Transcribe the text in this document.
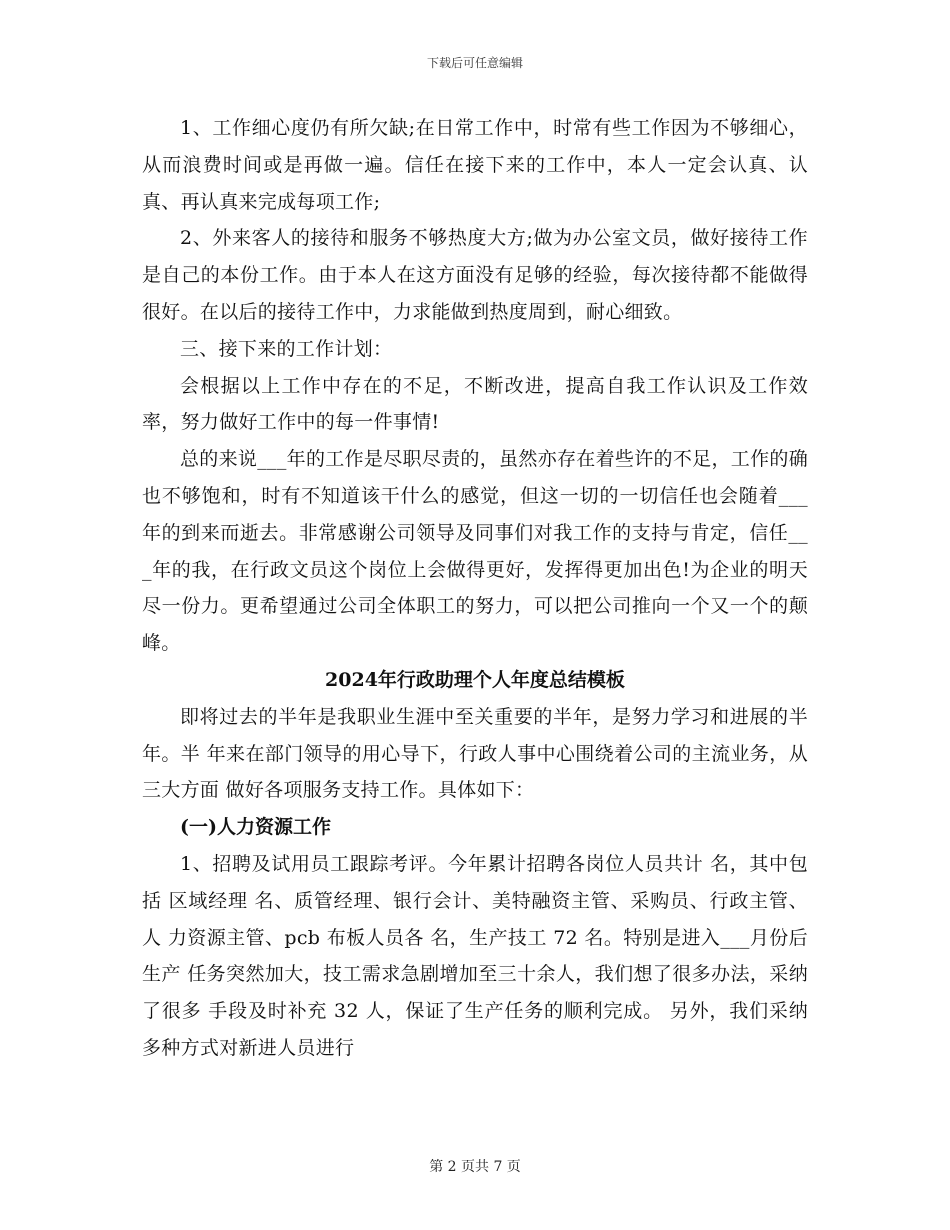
下载后可任意编辑

1、工作细心度仍有所欠缺;在日常工作中，时常有些工作因为不够细心，从而浪费时间或是再做一遍。信任在接下来的工作中，本人一定会认真、认真、再认真来完成每项工作;

2、外来客人的接待和服务不够热度大方;做为办公室文员，做好接待工作是自己的本份工作。由于本人在这方面没有足够的经验，每次接待都不能做得很好。在以后的接待工作中，力求能做到热度周到，耐心细致。

三、接下来的工作计划：

会根据以上工作中存在的不足，不断改进，提高自我工作认识及工作效率，努力做好工作中的每一件事情!

总的来说___年的工作是尽职尽责的，虽然亦存在着些许的不足，工作的确也不够饱和，时有不知道该干什么的感觉，但这一切的一切信任也会随着___年的到来而逝去。非常感谢公司领导及同事们对我工作的支持与肯定，信任___年的我，在行政文员这个岗位上会做得更好，发挥得更加出色!为企业的明天尽一份力。更希望通过公司全体职工的努力，可以把公司推向一个又一个的颠峰。

2024年行政助理个人年度总结模板

即将过去的半年是我职业生涯中至关重要的半年，是努力学习和进展的半年。半 年来在部门领导的用心导下，行政人事中心围绕着公司的主流业务，从三大方面 做好各项服务支持工作。具体如下：

(一)人力资源工作

1、招聘及试用员工跟踪考评。今年累计招聘各岗位人员共计 名，其中包括 区域经理 名、质管经理、银行会计、美特融资主管、采购员、行政主管、人 力资源主管、pcb 布板人员各 名，生产技工 72 名。特别是进入___月份后生产 任务突然加大，技工需求急剧增加至三十余人，我们想了很多办法，采纳了很多 手段及时补充 32 人，保证了生产任务的顺利完成。 另外，我们采纳多种方式对新进人员进行

第 2 页共 7 页
